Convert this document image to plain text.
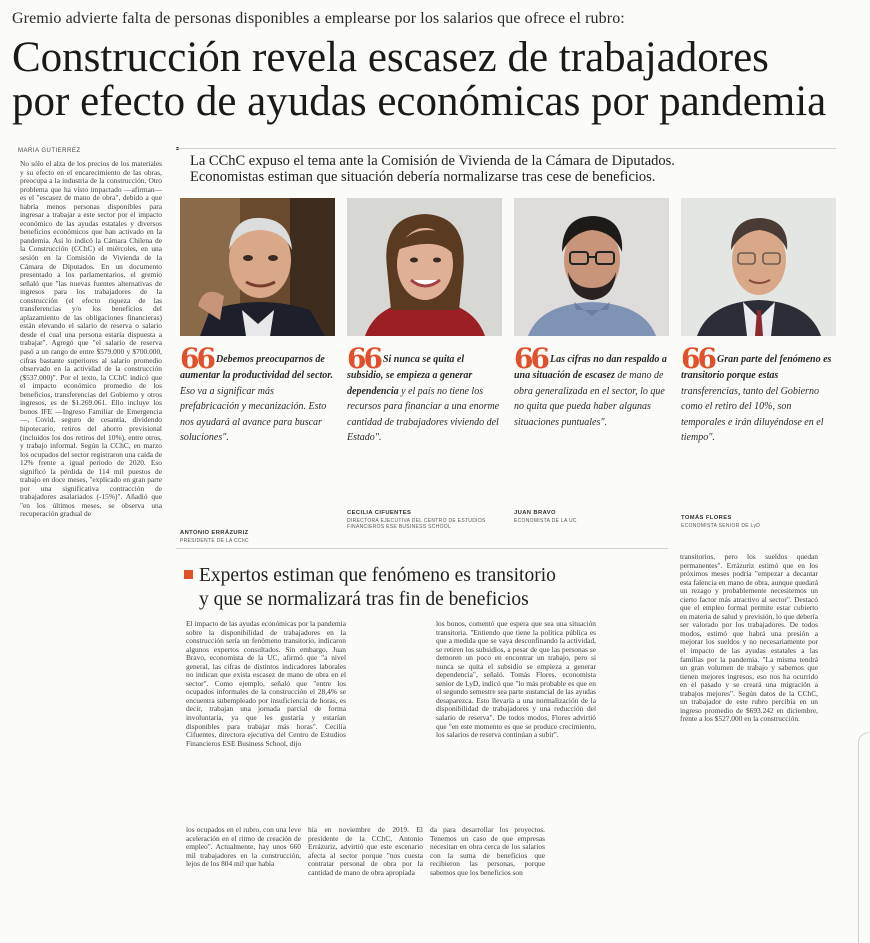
Gremio advierte falta de personas disponibles a emplearse por los salarios que ofrece el rubro:
Construcción revela escasez de trabajadores
por efecto de ayudas económicas por pandemia
MARIA GUTIERREZ
La CChC expuso el tema ante la Comisión de Vivienda de la Cámara de Diputados.
Economistas estiman que situación debería normalizarse tras cese de beneficios.
66 Debemos preocuparnos de aumentar la productividad del sector. Eso va a significar más prefabricación y mecanización. Esto nos ayudará al avance para buscar soluciones".
ANTONIO ERRÁZURIZ
PRESIDENTE DE LA CChC
66 Si nunca se quita el subsidio, se empieza a generar dependencia y el país no tiene los recursos para financiar a una enorme cantidad de trabajadores viviendo del Estado".
CECILIA CIFUENTES
DIRECTORA EJECUTIVA DEL CENTRO DE ESTUDIOS FINANCIEROS ESE BUSINESS SCHOOL
66 Las cifras no dan respaldo a una situación de escasez de mano de obra generalizada en el sector, lo que no quita que pueda haber algunas situaciones puntuales".
JUAN BRAVO
ECONOMISTA DE LA UC
66 Gran parte del fenómeno es transitorio porque estas transferencias, tanto del Gobierno como el retiro del 10%, son temporales e irán diluyéndose en el tiempo".
TOMÁS FLORES
ECONOMISTA SENIOR DE LyD
Expertos estiman que fenómeno es transitorio
y que se normalizará tras fin de beneficios
No sólo el alza de los precios de los materiales y su efecto en el encarecimiento de las obras, preocupa a la industria de la construcción. Otro problema que ha visto impactado —afirman— es el "escasez de mano de obra", debido a que habría menos personas disponibles para ingresar a trabajar a este sector por el impacto económico de las ayudas estatales y diversos beneficios económicos que han activado en la pandemia. Así lo indicó la Cámara Chilena de la Construcción (CChC) el miércoles, en una sesión en la Comisión de Vivienda de la Cámara de Diputados. En un documento presentado a los parlamentarios, el gremio señaló que "las nuevas fuentes alternativas de ingresos para los trabajadores de la construcción (el efecto riqueza de las transferencias y/o los beneficios del aplazamiento de las obligaciones financieras) están elevando el salario de reserva o salario desde el cual una persona estaría dispuesta a trabajar". Agregó que "el salario de reserva pasó a un rango de entre $579.000 y $700.000, cifras bastante superiores al salario promedio observado en la actividad de la construcción ($537.000)". Por el texto, la CChC indicó que el impacto económico promedio de los beneficios, transferencias del Gobierno y otros ingresos, es de $1.269.061. Ello incluye los bonos IFE —Ingreso Familiar de Emergencia—, Covid, seguro de cesantía, dividendo hipotecario, retiros del ahorro previsional (incluidos los dos retiros del 10%), entre otros, y trabajo informal. Según la CChC, en marzo los ocupados del sector registraron una caída de 12% frente a igual periodo de 2020. Eso significó la pérdida de 114 mil puestos de trabajo en doce meses, "explicado en gran parte por una significativa contracción de trabajadores asalariados (-15%)". Añadió que "en los últimos meses, se observa una recuperación gradual de
El impacto de las ayudas económicas por la pandemia sobre la disponibilidad de trabajadores en la construcción sería un fenómeno transitorio, indicaron algunos expertos consultados. Sin embargo, Juan Bravo, economista de la UC, afirmó que "a nivel general, las cifras de distintos indicadores laborales no indican que exista escasez de mano de obra en el sector". Como ejemplo, señaló que "entre los ocupados informales de la construcción el 28,4% se encuentra subempleado por insuficiencia de horas, es decir, trabajan una jornada parcial de forma involuntaria, ya que les gustaría y estarían disponibles para trabajar más horas". Cecilia Cifuentes, directora ejecutiva del Centro de Estudios Financieros ESE Business School, dijo
los bonos, comentó que espera que sea una situación transitoria. "Entiendo que tiene la política pública es que a medida que se vaya desconfinando la actividad, se retiren los subsidios, a pesar de que las personas se demoren un poco en encontrar un trabajo, pero si nunca se quita el subsidio se empieza a generar dependencia", señaló. Tomás Flores, economista senior de LyD, indicó que "lo más probable es que en el segundo semestre sea parte sustancial de las ayudas desaparezca. Esto llevaría a una normalización de la disponibilidad de trabajadores y una reducción del salario de reserva". De todos modos, Flores advirtió que "en este momento es que se produce crecimiento, los salarios de reserva continúan a subir".
los ocupados en el rubro, con una leve aceleración en el ritmo de creación de empleo". Actualmente, hay unos 660 mil trabajadores en la construcción, lejos de los 804 mil que había
hía en noviembre de 2019. El presidente de la CChC, Antonio Errázuriz, advirtió que este escenario afecta al sector porque "nos cuesta contratar personal de obra por la cantidad de mano de obra apropiada
da para desarrollar los proyectos. Tenemos un caso de que empresas necesitan en obra cerca de los salarios con la suma de beneficios que recibieron las personas, porque sabemos que los beneficios son
transitorios, pero los sueldos quedan permanentes". Errázuriz estimó que en los próximos meses podría "empezar a decantar esta falencia en mano de obra, aunque quedará un rezago y probablemente necesitemos un cierto factor más atractivo al sector". Destacó que el empleo formal permite estar cubierto en materia de salud y previsión, lo que debería ser valorado por los trabajadores. De todos modos, estimó que habrá una presión a mejorar los sueldos y no necesariamente por el impacto de las ayudas estatales a las familias por la pandemia. "La misma tendrá un gran volumen de trabajo y sabemos que tienen mejores ingresos, eso nos ha ocurrido en el pasado y se creará una migración a trabajos mejores". Según datos de la CChC, un trabajador de este rubro percibía en un ingreso promedio de $693.242 en diciembre, frente a los $527.000 en la construcción.
